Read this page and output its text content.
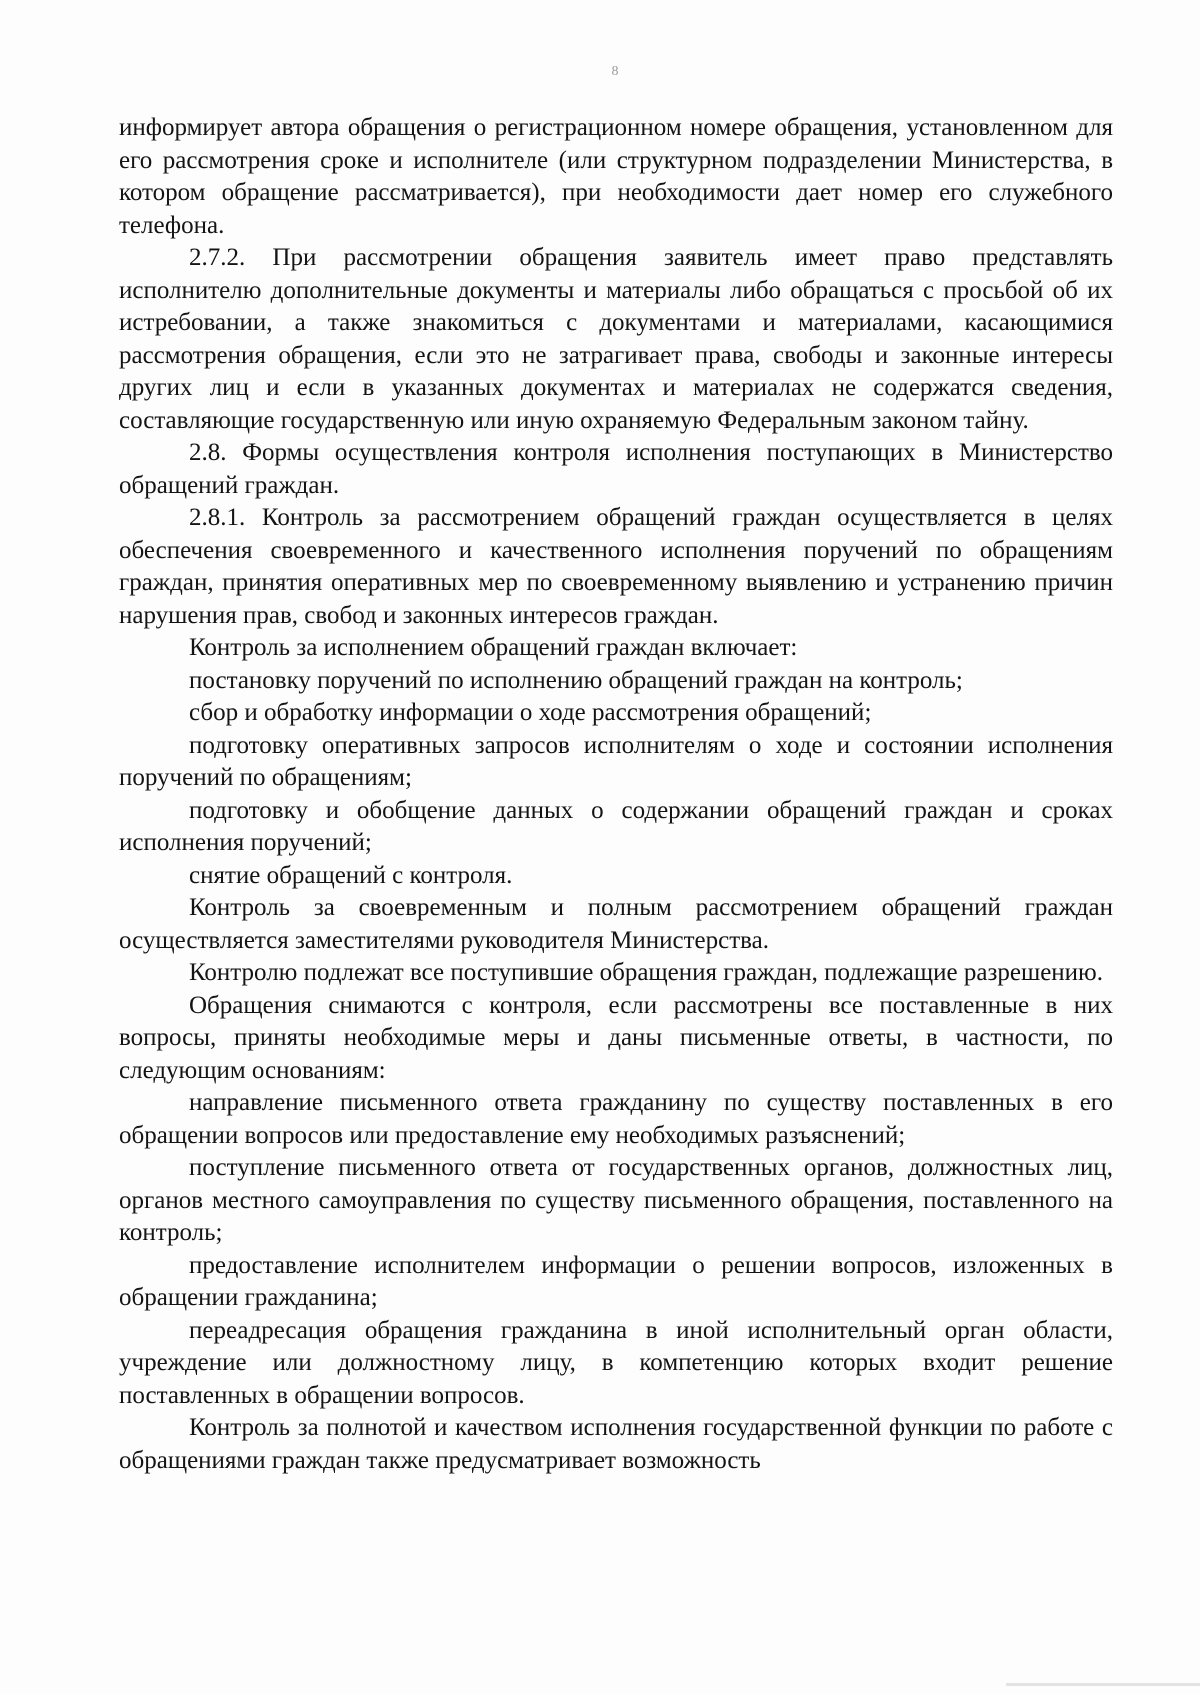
8

информирует автора обращения о регистрационном номере обращения, установленном для его рассмотрения сроке и исполнителе (или структурном подразделении Министерства, в котором обращение рассматривается), при необходимости дает номер его служебного телефона.

2.7.2. При рассмотрении обращения заявитель имеет право представлять исполнителю дополнительные документы и материалы либо обращаться с просьбой об их истребовании, а также знакомиться с документами и материалами, касающимися рассмотрения обращения, если это не затрагивает права, свободы и законные интересы других лиц и если в указанных документах и материалах не содержатся сведения, составляющие государственную или иную охраняемую Федеральным законом тайну.

2.8. Формы осуществления контроля исполнения поступающих в Министерство обращений граждан.

2.8.1. Контроль за рассмотрением обращений граждан осуществляется в целях обеспечения своевременного и качественного исполнения поручений по обращениям граждан, принятия оперативных мер по своевременному выявлению и устранению причин нарушения прав, свобод и законных интересов граждан.

Контроль за исполнением обращений граждан включает:

постановку поручений по исполнению обращений граждан на контроль;

сбор и обработку информации о ходе рассмотрения обращений;

подготовку оперативных запросов исполнителям о ходе и состоянии исполнения поручений по обращениям;

подготовку и обобщение данных о содержании обращений граждан и сроках исполнения поручений;

снятие обращений с контроля.

Контроль за своевременным и полным рассмотрением обращений граждан осуществляется заместителями руководителя Министерства.

Контролю подлежат все поступившие обращения граждан, подлежащие разрешению.

Обращения снимаются с контроля, если рассмотрены все поставленные в них вопросы, приняты необходимые меры и даны письменные ответы, в частности, по следующим основаниям:

направление письменного ответа гражданину по существу поставленных в его обращении вопросов или предоставление ему необходимых разъяснений;

поступление письменного ответа от государственных органов, должностных лиц, органов местного самоуправления по существу письменного обращения, поставленного на контроль;

предоставление исполнителем информации о решении вопросов, изложенных в обращении гражданина;

переадресация обращения гражданина в иной исполнительный орган области, учреждение или должностному лицу, в компетенцию которых входит решение поставленных в обращении вопросов.

Контроль за полнотой и качеством исполнения государственной функции по работе с обращениями граждан также предусматривает возможность
